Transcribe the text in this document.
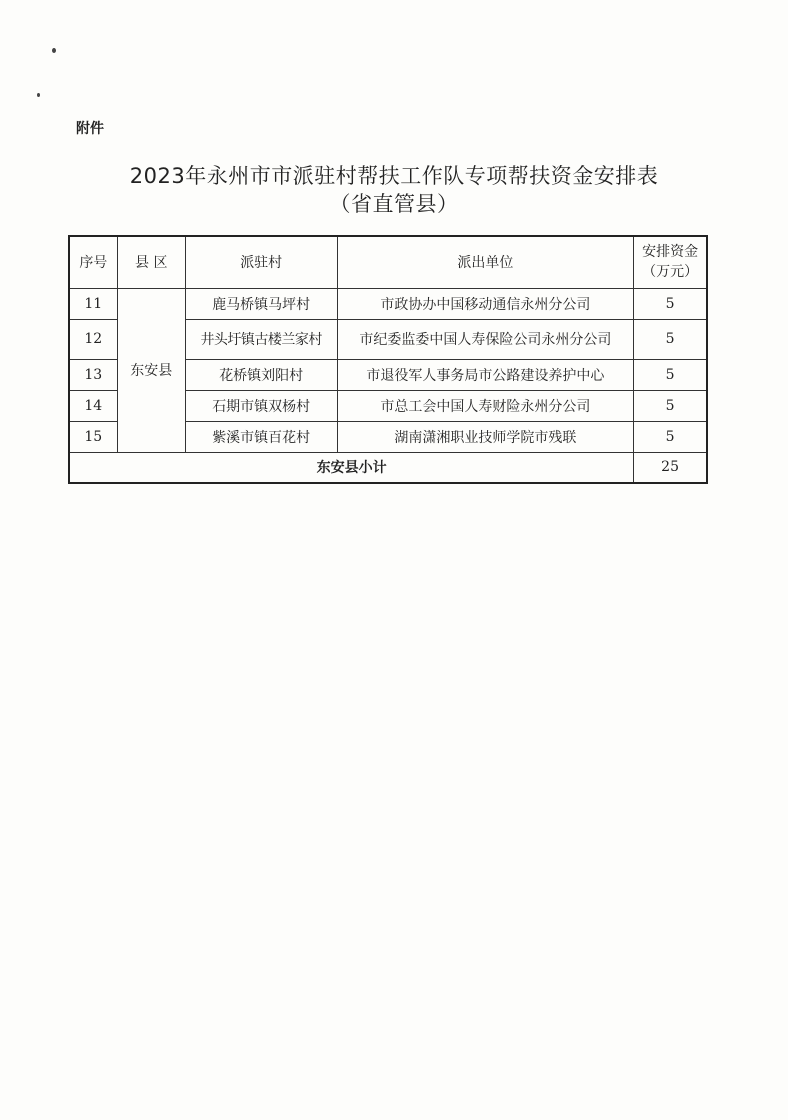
附件
2023年永州市市派驻村帮扶工作队专项帮扶资金安排表
（省直管县）
序号	县 区	派驻村	派出单位	安排资金
（万元）

11	东安县	鹿马桥镇马坪村	市政协办中国移动通信永州分公司	5
12		井头圩镇古楼兰家村	市纪委监委中国人寿保险公司永州分公司	5
13		花桥镇刘阳村	市退役军人事务局市公路建设养护中心	5
14		石期市镇双杨村	市总工会中国人寿财险永州分公司	5
15		紫溪市镇百花村	湖南潇湘职业技师学院市残联	5
东安县小计				25
